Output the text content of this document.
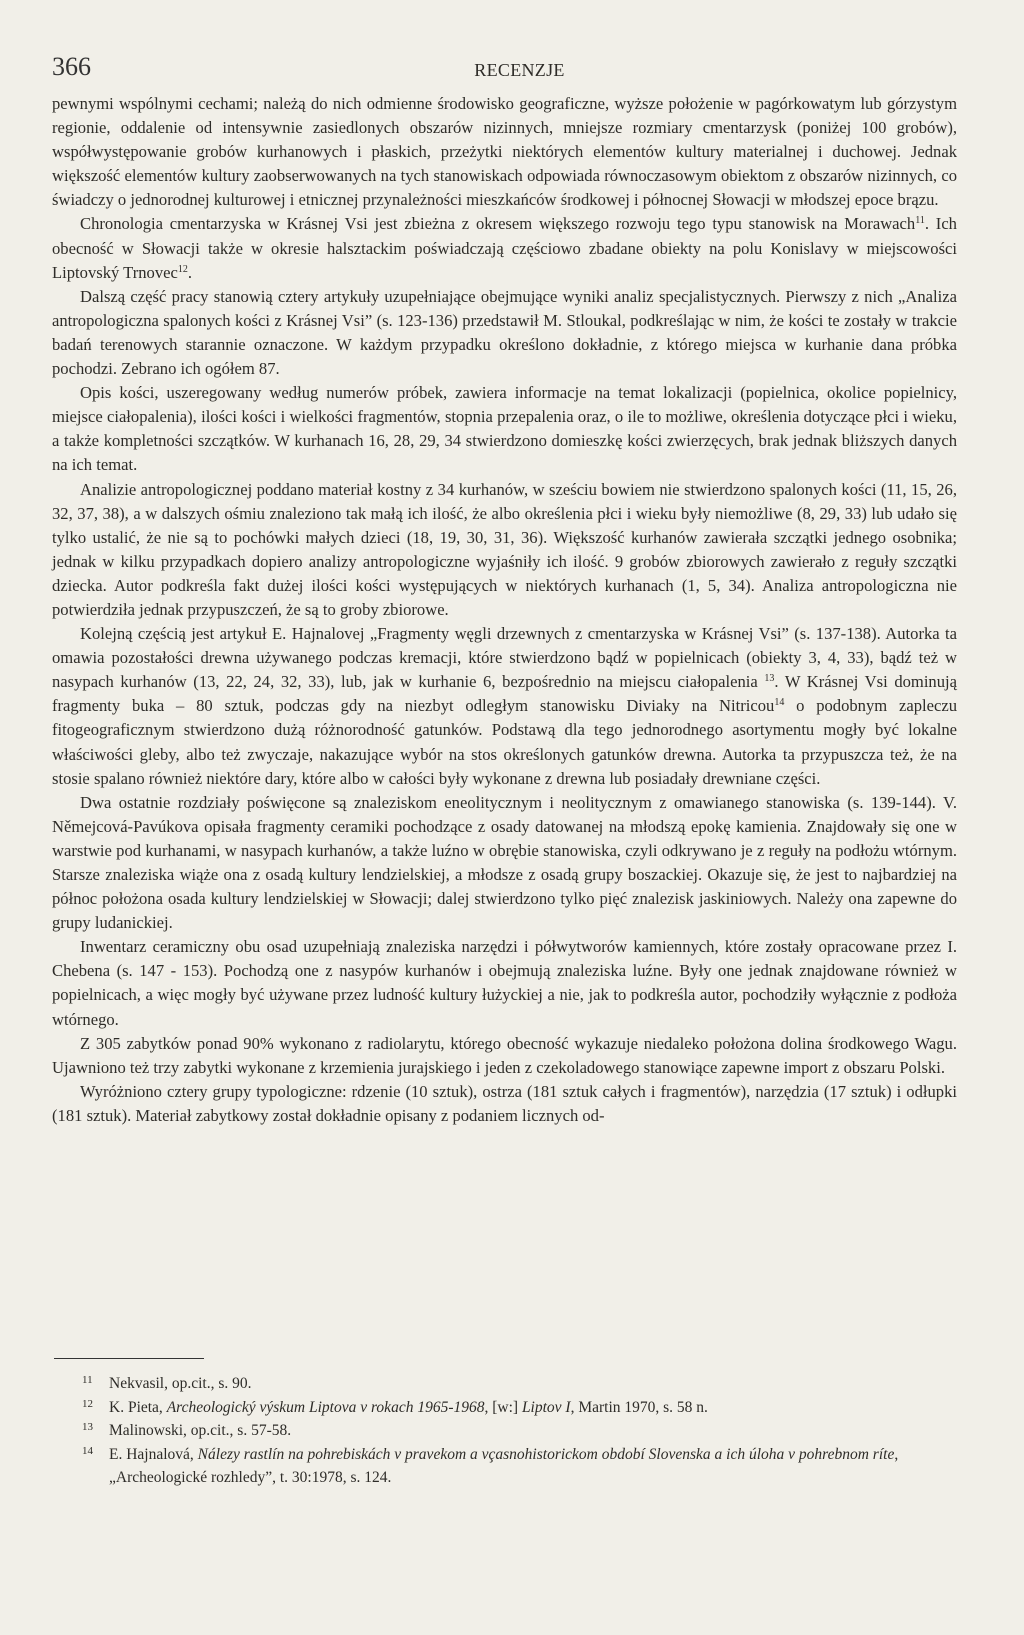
366	RECENZJE

pewnymi wspólnymi cechami; należą do nich odmienne środowisko geograficzne, wyższe położenie w pagórkowatym lub górzystym regionie, oddalenie od intensywnie zasiedlonych obszarów nizinnych, mniejsze rozmiary cmentarzysk (poniżej 100 grobów), współwystępowanie grobów kurhanowych i płaskich, przeżytki niektórych elementów kultury materialnej i duchowej. Jednak większość elementów kultury zaobserwowanych na tych stanowiskach odpowiada równoczasowym obiektom z obszarów nizinnych, co świadczy o jednorodnej kulturowej i etnicznej przynależności mieszkańców środkowej i północnej Słowacji w młodszej epoce brązu.

Chronologia cmentarzyska w Krásnej Vsi jest zbieżna z okresem większego rozwoju tego typu stanowisk na Morawach$^{11}$. Ich obecność w Słowacji także w okresie halsztackim poświadczają częściowo zbadane obiekty na polu Konislavy w miejscowości Liptovský Trnovec$^{12}$.

Dalszą część pracy stanowią cztery artykuły uzupełniające obejmujące wyniki analiz specjalistycznych. Pierwszy z nich „Analiza antropologiczna spalonych kości z Krásnej Vsi” (s. 123-136) przedstawił M. Stloukal, podkreślając w nim, że kości te zostały w trakcie badań terenowych starannie oznaczone. W każdym przypadku określono dokładnie, z którego miejsca w kurhanie dana próbka pochodzi. Zebrano ich ogółem 87.

Opis kości, uszeregowany według numerów próbek, zawiera informacje na temat lokalizacji (popielnica, okolice popielnicy, miejsce ciałopalenia), ilości kości i wielkości fragmentów, stopnia przepalenia oraz, o ile to możliwe, określenia dotyczące płci i wieku, a także kompletności szczątków. W kurhanach 16, 28, 29, 34 stwierdzono domieszkę kości zwierzęcych, brak jednak bliższych danych na ich temat.

Analizie antropologicznej poddano materiał kostny z 34 kurhanów, w sześciu bowiem nie stwierdzono spalonych kości (11, 15, 26, 32, 37, 38), a w dalszych ośmiu znaleziono tak małą ich ilość, że albo określenia płci i wieku były niemożliwe (8, 29, 33) lub udało się tylko ustalić, że nie są to pochówki małych dzieci (18, 19, 30, 31, 36). Większość kurhanów zawierała szczątki jednego osobnika; jednak w kilku przypadkach dopiero analizy antropologiczne wyjaśniły ich ilość. 9 grobów zbiorowych zawierało z reguły szczątki dziecka. Autor podkreśla fakt dużej ilości kości występujących w niektórych kurhanach (1, 5, 34). Analiza antropologiczna nie potwierdziła jednak przypuszczeń, że są to groby zbiorowe.

Kolejną częścią jest artykuł E. Hajnalovej „Fragmenty węgli drzewnych z cmentarzyska w Krásnej Vsi” (s. 137-138). Autorka ta omawia pozostałości drewna używanego podczas kremacji, które stwierdzono bądź w popielnicach (obiekty 3, 4, 33), bądź też w nasypach kurhanów (13, 22, 24, 32, 33), lub, jak w kurhanie 6, bezpośrednio na miejscu ciałopalenia $^{13}$. W Krásnej Vsi dominują fragmenty buka – 80 sztuk, podczas gdy na niezbyt odległym stanowisku Diviaky na Nitricou$^{14}$ o podobnym zapleczu fitogeograficznym stwierdzono dużą różnorodność gatunków. Podstawą dla tego jednorodnego asortymentu mogły być lokalne właściwości gleby, albo też zwyczaje, nakazujące wybór na stos określonych gatunków drewna. Autorka ta przypuszcza też, że na stosie spalano również niektóre dary, które albo w całości były wykonane z drewna lub posiadały drewniane części.

Dwa ostatnie rozdziały poświęcone są znaleziskom eneolitycznym i neolitycznym z omawianego stanowiska (s. 139-144). V. Němejcová-Pavúkova opisała fragmenty ceramiki pochodzące z osady datowanej na młodszą epokę kamienia. Znajdowały się one w warstwie pod kurhanami, w nasypach kurhanów, a także luźno w obrębie stanowiska, czyli odkrywano je z reguły na podłożu wtórnym. Starsze znaleziska wiąże ona z osadą kultury lendzielskiej, a młodsze z osadą grupy boszackiej. Okazuje się, że jest to najbardziej na północ położona osada kultury lendzielskiej w Słowacji; dalej stwierdzono tylko pięć znalezisk jaskiniowych. Należy ona zapewne do grupy ludanickiej.

Inwentarz ceramiczny obu osad uzupełniają znaleziska narzędzi i półwytworów kamiennych, które zostały opracowane przez I. Chebena (s. 147 - 153). Pochodzą one z nasypów kurhanów i obejmują znaleziska luźne. Były one jednak znajdowane również w popielnicach, a więc mogły być używane przez ludność kultury łużyckiej a nie, jak to podkreśla autor, pochodziły wyłącznie z podłoża wtórnego.

Z 305 zabytków ponad 90% wykonano z radiolarytu, którego obecność wykazuje niedaleko położona dolina środkowego Wagu. Ujawniono też trzy zabytki wykonane z krzemienia jurajskiego i jeden z czekoladowego stanowiące zapewne import z obszaru Polski.

Wyróżniono cztery grupy typologiczne: rdzenie (10 sztuk), ostrza (181 sztuk całych i fragmentów), narzędzia (17 sztuk) i odłupki (181 sztuk). Materiał zabytkowy został dokładnie opisany z podaniem licznych od-

11 Nekvasil, op.cit., s. 90.
12 K. Pieta, Archeologický výskum Liptova v rokach 1965-1968, [w:] Liptov I, Martin 1970, s. 58 n.
13 Malinowski, op.cit., s. 57-58.
14 E. Hajnalová, Nálezy rastlín na pohrebiskách v pravekom a vçasnohistorickom období Slovenska a ich úloha v pohrebnom ríte, „Archeologické rozhledy”, t. 30:1978, s. 124.
